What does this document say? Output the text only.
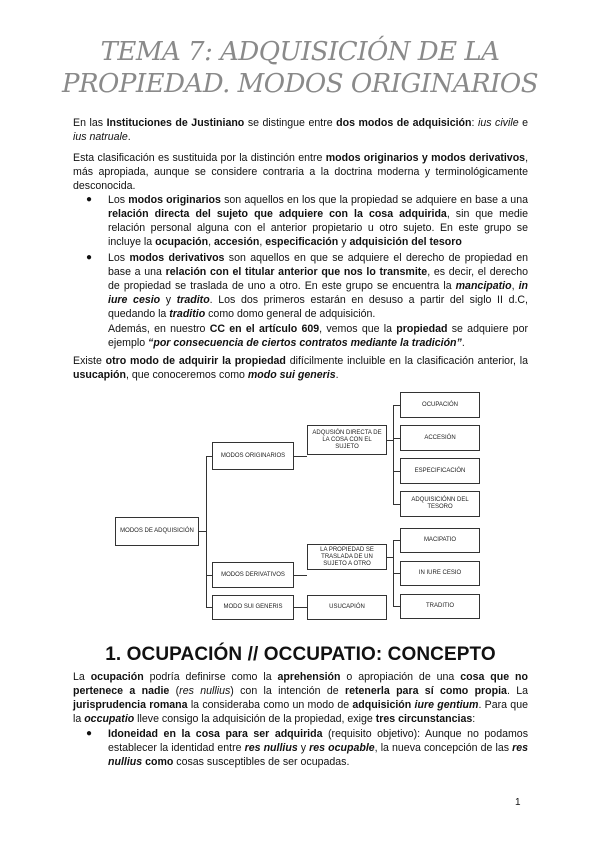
TEMA 7: ADQUISICIÓN DE LA
PROPIEDAD. MODOS ORIGINARIOS

En las Instituciones de Justiniano se distingue entre dos modos de adquisición: ius civile e ius natruale.

Esta clasificación es sustituida por la distinción entre modos originarios y modos derivativos, más apropiada, aunque se considere contraria a la doctrina moderna y terminológicamente desconocida.

●	Los modos originarios son aquellos en los que la propiedad se adquiere en base a una relación directa del sujeto que adquiere con la cosa adquirida, sin que medie relación personal alguna con el anterior propietario u otro sujeto. En este grupo se incluye la ocupación, accesión, especificación y adquisición del tesoro

●	Los modos derivativos son aquellos en que se adquiere el derecho de propiedad en base a una relación con el titular anterior que nos lo transmite, es decir, el derecho de propiedad se traslada de uno a otro. En este grupo se encuentra la mancipatio, in iure cesio y tradito. Los dos primeros estarán en desuso a partir del siglo II d.C, quedando la traditio como domo general de adquisición.

Además, en nuestro CC en el artículo 609, vemos que la propiedad se adquiere por ejemplo “por consecuencia de ciertos contratos mediante la tradición”.

Existe otro modo de adquirir la propiedad difícilmente incluible en la clasificación anterior, la usucapión, que conoceremos como modo sui generis.

MODOS DE ADQUISICIÓN
MODOS ORIGINARIOS
MODOS DERIVATIVOS
MODO SUI GENERIS
ADQUSIÓN DIRECTA DE LA COSA CON EL SUJETO
LA PROPIEDAD SE TRASLADA DE UN SUJETO A OTRO
USUCAPIÓN
OCUPACIÓN
ACCESIÓN
ESPECIFICACIÓN
ADQUISICIÓNN DEL TESORO
MACIPATIO
IN IURE CESIO
TRADITIO
1. OCUPACIÓN // OCCUPATIO: CONCEPTO

La ocupación podría definirse como la aprehensión o apropiación de una cosa que no pertenece a nadie (res nullius) con la intención de retenerla para sí como propia. La jurisprudencia romana la consideraba como un modo de adquisición iure gentium. Para que la occupatio lleve consigo la adquisición de la propiedad, exige tres circunstancias:

●	Idoneidad en la cosa para ser adquirida (requisito objetivo): Aunque no podamos establecer la identidad entre res nullius y res ocupable, la nueva concepción de las res nullius como cosas susceptibles de ser ocupadas.

1
